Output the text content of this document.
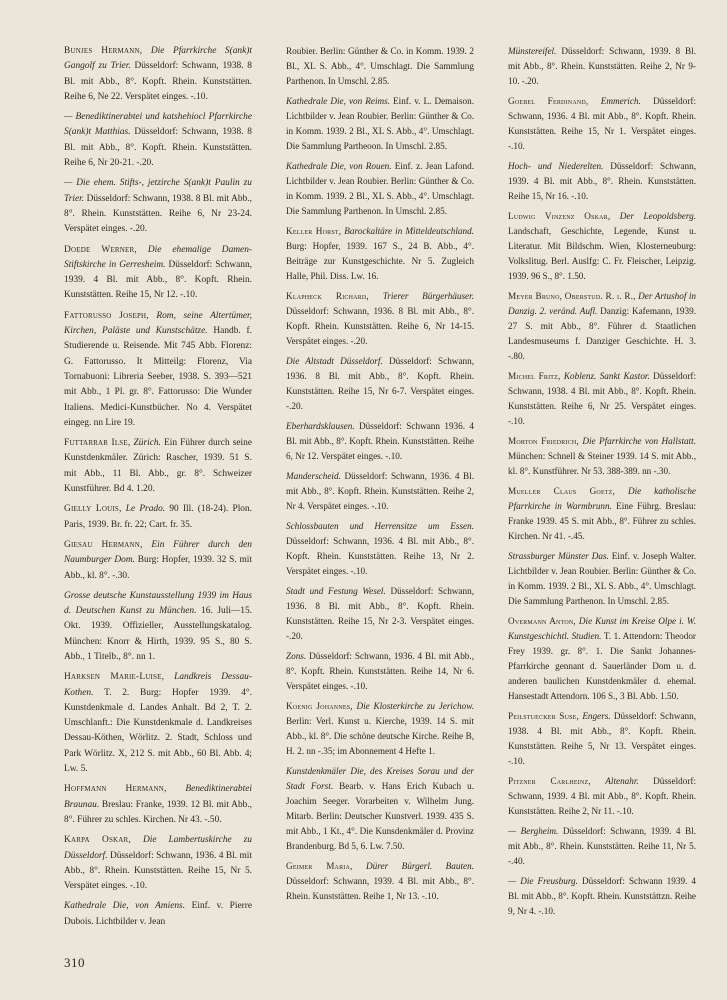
Bunjes Hermann, Die Pfarrkirche S(ank)t Gangolf zu Trier. Düsseldorf: Schwann, 1938. 8 Bl. mit Abb., 8°. Kopft. Rhein. Kunststätten. Reihe 6, Ne 22. Verspätet einges. -.10.

— Benediktinerabtei und katshehiocl Pfarrkirche S(ank)t Matthias. Düsseldorf: Schwann, 1938. 8 Bl. mit Abb., 8°. Kopft. Rhein. Kunststätten. Reihe 6, Nr 20-21. -.20.

— Die ehem. Stifts-, jetzirche S(ank)t Paulin zu Trier. Düsseldorf: Schwann, 1938. 8 Bl. mit Abb., 8°. Rhein. Kunststätten. Reihe 6, Nr 23-24. Verspätet einges. -.20.

Doede Werner, Die ehemalige Damen-Stiftskirche in Gerresheim. Düsseldorf: Schwann, 1939. 4 Bl. mit Abb., 8°. Kopft. Rhein. Kunststätten. Reihe 15, Nr 12. -.10.

Fattorusso Joseph, Rom, seine Altertümer, Kirchen, Paläste und Kunstschätze. Handb. f. Studierende u. Reisende. Mit 745 Abb. Florenz: G. Fattorusso. It Mitteilg: Florenz, Via Tornabuoni: Libreria Seeber, 1938. S. 393—521 mit Abb., 1 Pl. gr. 8°. Fattorusso: Die Wunder Italiens. Medici-Kunstbücher. No 4. Verspätet eingeg. nn Lire 19.

Futtarrar Ilse, Zürich. Ein Führer durch seine Kunstdenkmäler. Zürich: Rascher, 1939. 51 S. mit Abb., 11 Bl. Abb., gr. 8°. Schweizer Kunstführer. Bd 4. 1.20.

Gielly Louis, Le Prado. 90 Ill. (18-24). Plon. Paris, 1939. Br. fr. 22; Cart. fr. 35.

Giesau Hermann, Ein Führer durch den Naumburger Dom. Burg: Hopfer, 1939. 32 S. mit Abb., kl. 8°. -.30.

Grosse deutsche Kunstausstellung 1939 im Haus d. Deutschen Kunst zu München. 16. Juli—15. Okt. 1939. Offizieller, Ausstellungskatalog. München: Knorr & Hirth, 1939. 95 S., 80 S. Abb., 1 Titelb., 8°. nn 1.

Harksen Marie-Luise, Landkreis Dessau-Kothen. T. 2. Burg: Hopfer 1939. 4°. Kunstdenkmale d. Landes Anhalt. Bd 2, T. 2. Umschlanft.: Die Kunstdenkmale d. Landkreises Dessau-Köthen, Wörlitz. 2. Stadt, Schloss und Park Wörlitz. X, 212 S. mit Abb., 60 Bl. Abb. 4; Lw. 5.

Hoffmann Hermann, Benediktinerabtei Braunau. Breslau: Franke, 1939. 12 Bl. mit Abb., 8°. Führer zu schles. Kirchen. Nr 43. -.50.

Karpa Oskar, Die Lambertuskirche zu Düsseldorf. Düsseldorf: Schwann, 1936. 4 Bl. mit Abb., 8°. Rhein. Kunststätten. Reihe 15, Nr 5. Verspätet einges. -.10.

Kathedrale Die, von Amiens. Einf. v. Pierre Dubois. Lichtbilder v. Jean

Roubier. Berlin: Günther & Co. in Komm. 1939. 2 Bl., XL S. Abb., 4°. Umschlagt. Die Sammlung Parthenon. In Umschl. 2.85.

Kathedrale Die, von Reims. Einf. v. L. Demaison. Lichtbilder v. Jean Roubier. Berlin: Günther & Co. in Komm. 1939. 2 Bl., XL S. Abb., 4°. Umschlagt. Die Sammlung Partheoon. In Umschl. 2.85.

Kathedrale Die, von Rouen. Einf. z. Jean Lafond. Lichtbilder v. Jean Roubier. Berlin: Günther & Co. in Komm. 1939. 2 Bl., XL S. Abb., 4°. Umschlagt. Die Sammlung Parthenon. In Umschl. 2.85.

Keller Horst, Barockaltäre in Mitteldeutschland. Burg: Hopfer, 1939. 167 S., 24 B. Abb., 4°. Beiträge zur Kunstgeschichte. Nr 5. Zugleich Halle, Phil. Diss. Lw. 16.

Klapheck Richard, Trierer Bürgerhäuser. Düsseldorf: Schwann, 1936. 8 Bl. mit Abb., 8°. Kopft. Rhein. Kunststätten. Reihe 6, Nr 14-15. Verspätet einges. -.20.

Die Altstadt Düsseldorf. Düsseldorf: Schwann, 1936. 8 Bl. mit Abb., 8°. Kopft. Rhein. Kunststätten. Reihe 15, Nr 6-7. Verspätet einges. -.20.

Eberhardsklausen. Düsseldorf: Schwann 1936. 4 Bl. mit Abb., 8°. Kopft. Rhein. Kunststätten. Reihe 6, Nr 12. Verspätet einges. -.10.

Manderscheid. Düsseldorf: Schwann, 1936. 4 Bl. mit Abb., 8°. Kopft. Rhein. Kunststätten. Reihe 2, Nr 4. Verspätet einges. -.10.

Schlossbauten und Herrensitze um Essen. Düsseldorf: Schwann, 1936. 4 Bl. mit Abb., 8°. Kopft. Rhein. Kunststätten. Reihe 13, Nr 2. Verspätet einges. -.10.

Stadt und Festung Wesel. Düsseldorf: Schwann, 1936. 8 Bl. mit Abb., 8°. Kopft. Rhein. Kunststätten. Reihe 15, Nr 2-3. Verspätet einges. -.20.

Zons. Düsseldorf: Schwann, 1936. 4 Bl. mit Abb., 8°. Kopft. Rhein. Kunststätten. Reihe 14, Nr 6. Verspätet einges. -.10.

Koenig Johannes, Die Klosterkirche zu Jerichow. Berlin: Verl. Kunst u. Kierche, 1939. 14 S. mit Abb., kl. 8°. Die schöne deutsche Kirche. Reihe B, H. 2. nn -.35; im Abonnement 4 Hefte 1.

Kunstdenkmäler Die, des Kreises Sorau und der Stadt Forst. Bearb. v. Hans Erich Kubach u. Joachim Seeger. Vorarbeiten v. Wilhelm Jung. Mitarb. Berlin: Deutscher Kunstverl. 1939. 435 S. mit Abb., 1 Kt., 4°. Die Kunsdenkmäler d. Provinz Brandenburg. Bd 5, 6. Lw. 7.50.

Geimer Maria, Dürer Bürgerl. Bauten. Düsseldorf: Schwann, 1939. 4 Bl. mit Abb., 8°. Rhein. Kunststätten. Reihe 1, Nr 13. -.10.

Münstereifel. Düsseldorf: Schwann, 1939. 8 Bl. mit Abb., 8°. Rhein. Kunststätten. Reihe 2, Nr 9-10. -.20.

Goebel Ferdinand, Emmerich. Düsseldorf: Schwann, 1936. 4 Bl. mit Abb., 8°. Kopft. Rhein. Kunststätten. Reihe 15, Nr 1. Verspätet einges. -.10.

Hoch- und Niederelten. Düsseldorf: Schwann, 1939. 4 Bl. mit Abb., 8°. Rhein. Kunststätten. Reihe 15, Nr 16. -.10.

Ludwig Vinzenz Oskar, Der Leopoldsberg. Landschaft, Geschichte, Legende, Kunst u. Literatur. Mit Bildschm. Wien, Klosterneuburg: Volkslitug. Berl. Auslfg: C. Fr. Fleischer, Leipzig. 1939. 96 S., 8°. 1.50.

Meyer Bruno, Oberstud. R. i. R., Der Artushof in Danzig. 2. veränd. Aufl. Danzig: Kafemann, 1939. 27 S. mit Abb., 8°. Führer d. Staatlichen Landesmuseums f. Danziger Geschichte. H. 3. -.80.

Michel Fritz, Koblenz. Sankt Kastor. Düsseldorf: Schwann, 1938. 4 Bl. mit Abb., 8°. Kopft. Rhein. Kunststätten. Reihe 6, Nr 25. Verspätet einges. -.10.

Morton Friedrich, Die Pfarrkirche von Hallstatt. München: Schnell & Steiner 1939. 14 S. mit Abb., kl. 8°. Kunstführer. Nr 53. 388-389. nn -.30.

Mueller Claus Goetz, Die katholische Pfarrkirche in Warmbrunn. Eine Führg. Breslau: Franke 1939. 45 S. mit Abb., 8°. Führer zu schles. Kirchen. Nr 41. -.45.

Strassburger Münster Das. Einf. v. Joseph Walter. Lichtbilder v. Jean Roubier. Berlin: Günther & Co. in Komm. 1939. 2 Bl., XL S. Abb., 4°. Umschlagt. Die Sammlung Parthenon. In Umschl. 2.85.

Overmann Anton, Die Kunst im Kreise Olpe i. W. Kunstgeschichtl. Studien. T. 1. Attendorn: Theodor Frey 1939. gr. 8°. 1. Die Sankt Johannes-Pfarrkirche gennant d. Sauerländer Dom u. d. anderen baulichen Kunstdenkmäler d. ehemal. Hansestadt Attendorn. 106 S., 3 Bl. Abb. 1.50.

Peilstuecker Suse, Engers. Düsseldorf: Schwann, 1938. 4 Bl. mit Abb., 8°. Kopft. Rhein. Kunststätten. Reihe 5, Nr 13. Verspätet einges. -.10.

Pitzner Carlheinz, Altenahr. Düsseldorf: Schwann, 1939. 4 Bl. mit Abb., 8°. Kopft. Rhein. Kunststätten. Reihe 2, Nr 11. -.10.

— Bergheim. Düsseldorf: Schwann, 1939. 4 Bl. mit Abb., 8°. Rhein. Kunststätten. Reihe 11, Nr 5. -.40.

— Die Freusburg. Düsseldorf: Schwann 1939. 4 Bl. mit Abb., 8°. Kopft. Rhein. Kunststättzn. Reihe 9, Nr 4. -.10.

310
